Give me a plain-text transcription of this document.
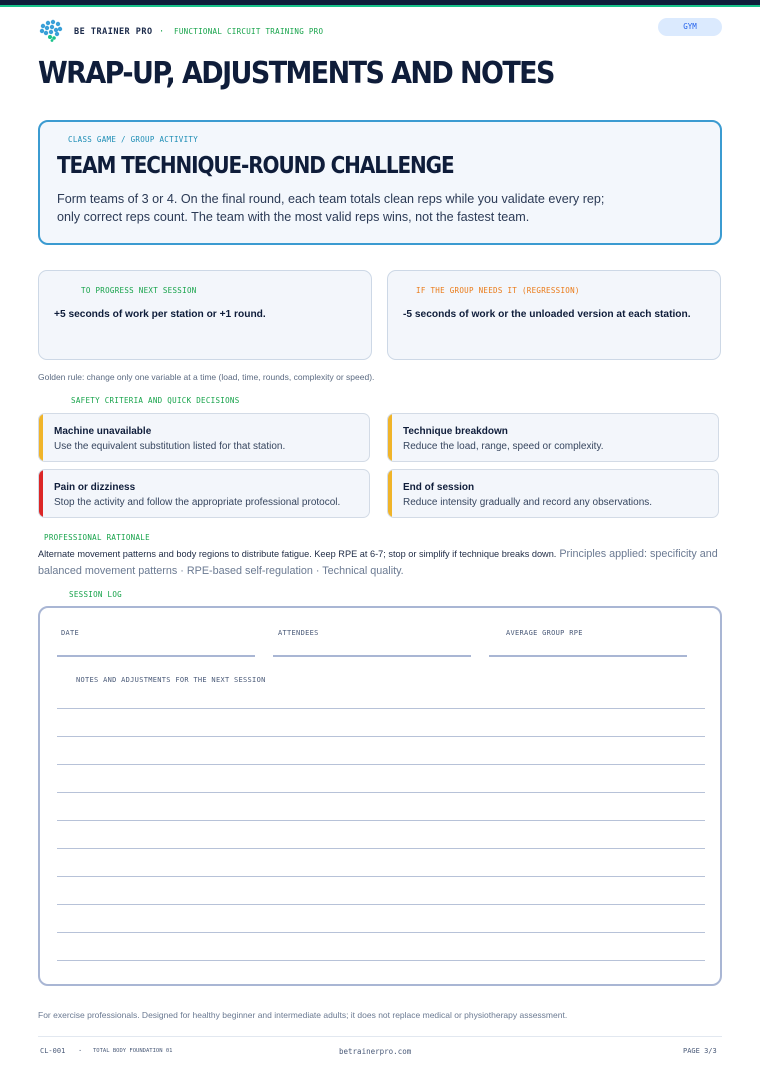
BE TRAINER PRO · FUNCTIONAL CIRCUIT TRAINING PRO
GYM
WRAP-UP, ADJUSTMENTS AND NOTES
CLASS GAME / GROUP ACTIVITY
TEAM TECHNIQUE-ROUND CHALLENGE
Form teams of 3 or 4. On the final round, each team totals clean reps while you validate every rep; only correct reps count. The team with the most valid reps wins, not the fastest team.
TO PROGRESS NEXT SESSION
+5 seconds of work per station or +1 round.
IF THE GROUP NEEDS IT (REGRESSION)
-5 seconds of work or the unloaded version at each station.
Golden rule: change only one variable at a time (load, time, rounds, complexity or speed).
SAFETY CRITERIA AND QUICK DECISIONS
Machine unavailable
Use the equivalent substitution listed for that station.
Technique breakdown
Reduce the load, range, speed or complexity.
Pain or dizziness
Stop the activity and follow the appropriate professional protocol.
End of session
Reduce intensity gradually and record any observations.
PROFESSIONAL RATIONALE
Alternate movement patterns and body regions to distribute fatigue. Keep RPE at 6-7; stop or simplify if technique breaks down. Principles applied: specificity and balanced movement patterns · RPE-based self-regulation · Technical quality.
SESSION LOG
DATE	ATTENDEES	AVERAGE GROUP RPE
NOTES AND ADJUSTMENTS FOR THE NEXT SESSION
For exercise professionals. Designed for healthy beginner and intermediate adults; it does not replace medical or physiotherapy assessment.
CL-001 · TOTAL BODY FOUNDATION 01	betrainerpro.com	PAGE 3/3
